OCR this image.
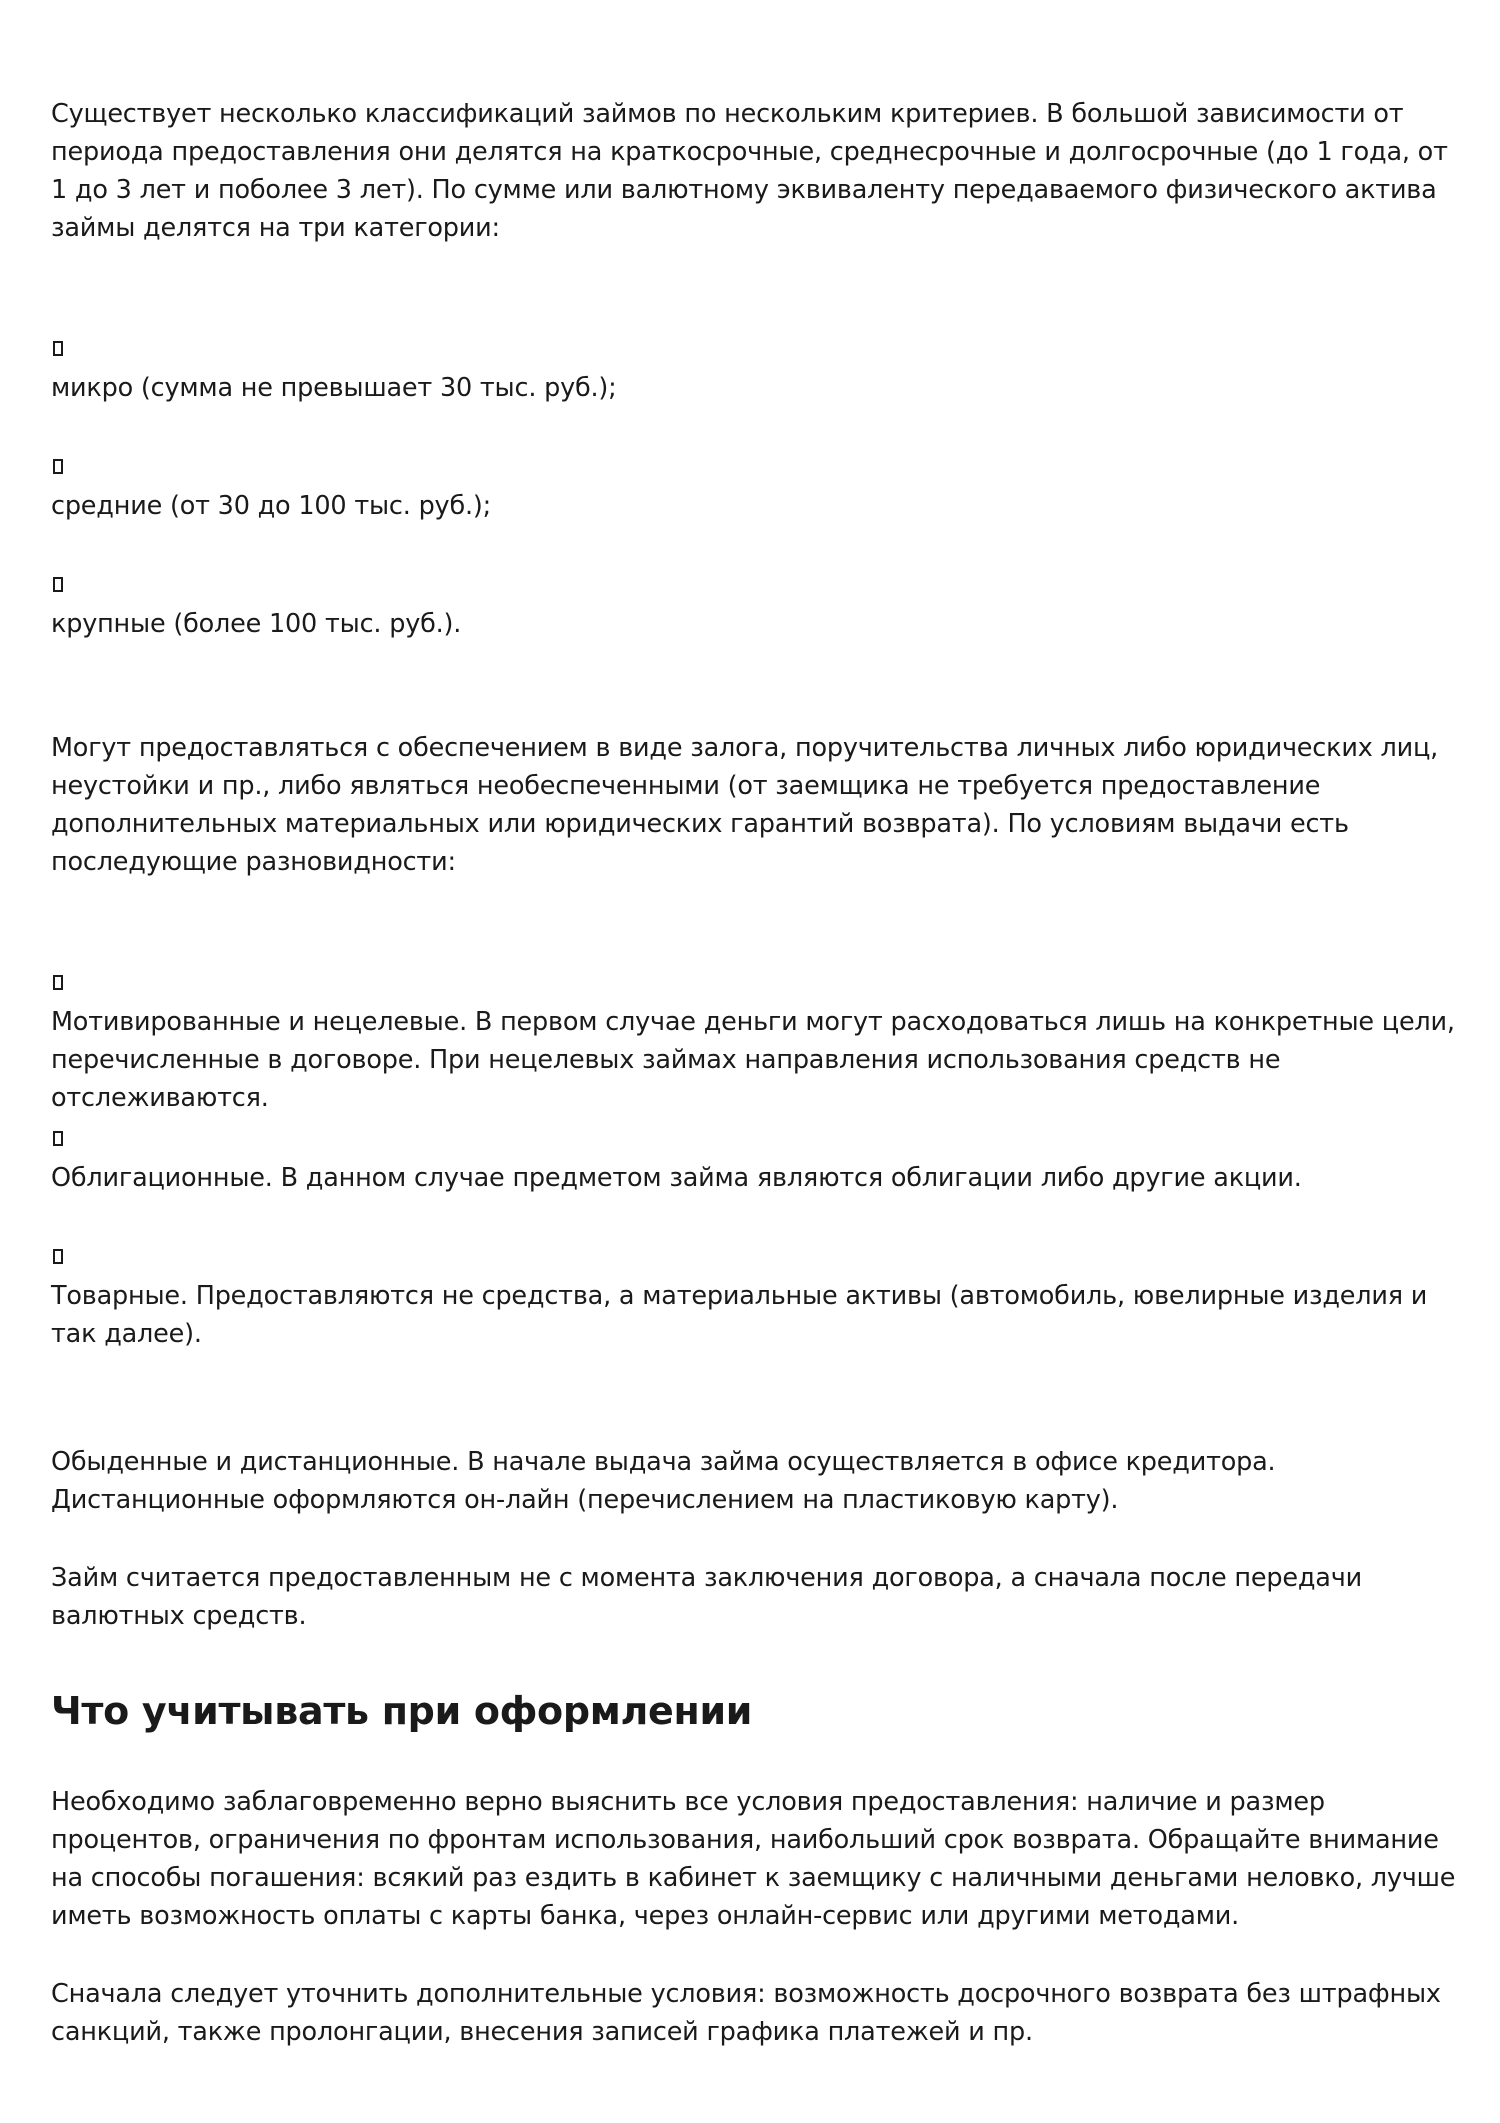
Существует несколько классификаций займов по нескольким критериев. В большой зависимости от периода предоставления они делятся на краткосрочные, среднесрочные и долгосрочные (до 1 года, от 1 до 3 лет и поболее 3 лет). По сумме или валютному эквиваленту передаваемого физического актива займы делятся на три категории:

микро (сумма не превышает 30 тыс. руб.);

средние (от 30 до 100 тыс. руб.);

крупные (более 100 тыс. руб.).

Могут предоставляться с обеспечением в виде залога, поручительства личных либо юридических лиц, неустойки и пр., либо являться необеспеченными (от заемщика не требуется предоставление дополнительных материальных или юридических гарантий возврата). По условиям выдачи есть последующие разновидности:

Мотивированные и нецелевые. В первом случае деньги могут расходоваться лишь на конкретные цели, перечисленные в договоре. При нецелевых займах направления использования средств не отслеживаются.

Облигационные. В данном случае предметом займа являются облигации либо другие акции.

Товарные. Предоставляются не средства, а материальные активы (автомобиль, ювелирные изделия и так далее).

Обыденные и дистанционные. В начале выдача займа осуществляется в офисе кредитора. Дистанционные оформляются он-лайн (перечислением на пластиковую карту).

Займ считается предоставленным не с момента заключения договора, а сначала после передачи валютных средств.

Что учитывать при оформлении

Необходимо заблаговременно верно выяснить все условия предоставления: наличие и размер процентов, ограничения по фронтам использования, наибольший срок возврата. Обращайте внимание на способы погашения: всякий раз ездить в кабинет к заемщику с наличными деньгами неловко, лучше иметь возможность оплаты с карты банка, через онлайн-сервис или другими методами.

Сначала следует уточнить дополнительные условия: возможность досрочного возврата без штрафных санкций, также пролонгации, внесения записей графика платежей и пр.
